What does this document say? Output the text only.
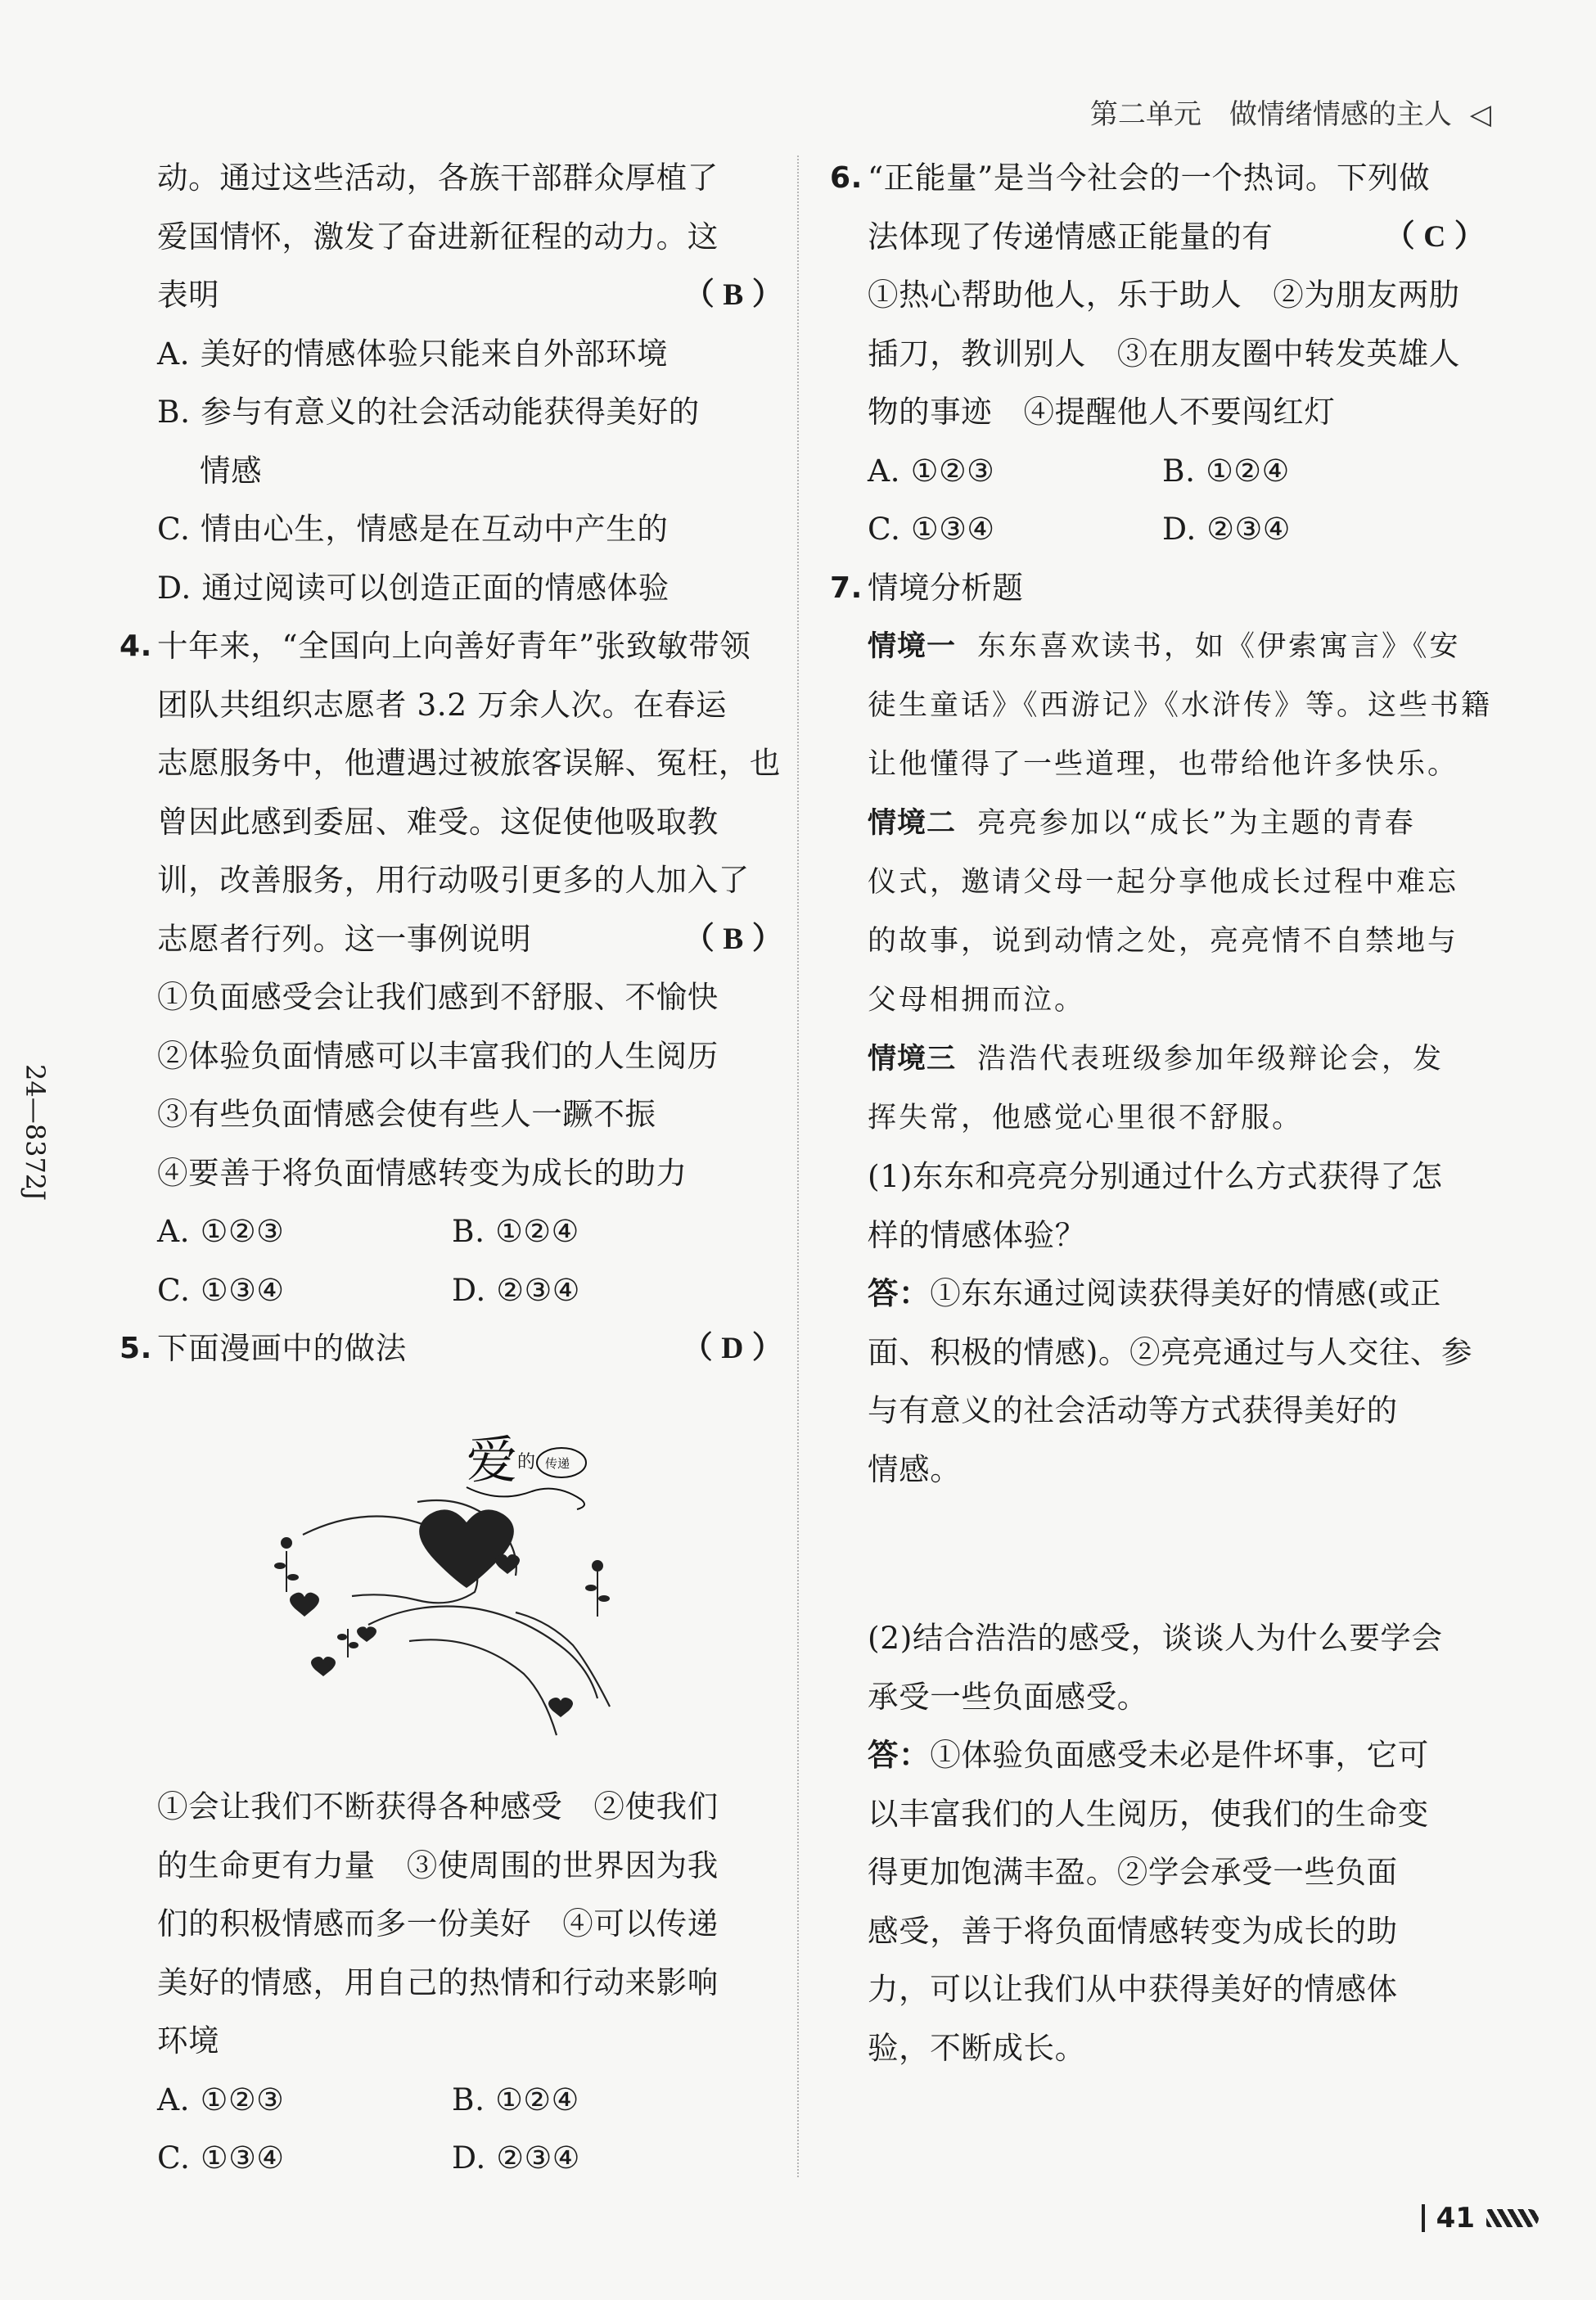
第二单元　 做情绪情感的主人 ◁
24—8372J
动。通过这些活动，各族干部群众厚植了
爱国情怀，激发了奋进新征程的动力。这
表明	（ B ）
A. 美好的情感体验只能来自外部环境
B. 参与有意义的社会活动能获得美好的
情感
C. 情由心生，情感是在互动中产生的
D. 通过阅读可以创造正面的情感体验
4. 十年来，“全国向上向善好青年”张致敏带领
团队共组织志愿者 3.2 万余人次。在春运
志愿服务中，他遭遇过被旅客误解、冤枉，也
曾因此感到委屈、难受。这促使他吸取教
训，改善服务，用行动吸引更多的人加入了
志愿者行列。这一事例说明	（ B ）
①负面感受会让我们感到不舒服、不愉快
②体验负面情感可以丰富我们的人生阅历
③有些负面情感会使有些人一蹶不振
④要善于将负面情感转变为成长的助力
A. ①②③	B. ①②④
C. ①③④	D. ②③④
5. 下面漫画中的做法	（ D ）
爱 的 传递
①会让我们不断获得各种感受　②使我们
的生命更有力量　③使周围的世界因为我
们的积极情感而多一份美好　④可以传递
美好的情感，用自己的热情和行动来影响
环境
A. ①②③	B. ①②④
C. ①③④	D. ②③④
6. “正能量”是当今社会的一个热词。下列做
法体现了传递情感正能量的有	（ C ）
①热心帮助他人，乐于助人　②为朋友两肋
插刀，教训别人　③在朋友圈中转发英雄人
物的事迹　④提醒他人不要闯红灯
A. ①②③	B. ①②④
C. ①③④	D. ②③④
7. 情境分析题
情境一 东东喜欢读书，如《伊索寓言》《安
徒生童话》《西游记》《水浒传》等。这些书籍
让他懂得了一些道理，也带给他许多快乐。
情境二 亮亮参加以“成长”为主题的青春
仪式，邀请父母一起分享他成长过程中难忘
的故事，说到动情之处，亮亮情不自禁地与
父母相拥而泣。
情境三 浩浩代表班级参加年级辩论会，发
挥失常，他感觉心里很不舒服。
(1)东东和亮亮分别通过什么方式获得了怎
样的情感体验？
答：①东东通过阅读获得美好的情感(或正
面、积极的情感)。②亮亮通过与人交往、参
与有意义的社会活动等方式获得美好的
情感。
(2)结合浩浩的感受，谈谈人为什么要学会
承受一些负面感受。
答：①体验负面感受未必是件坏事，它可
以丰富我们的人生阅历，使我们的生命变
得更加饱满丰盈。②学会承受一些负面
感受，善于将负面情感转变为成长的助
力，可以让我们从中获得美好的情感体
验，不断成长。
41
